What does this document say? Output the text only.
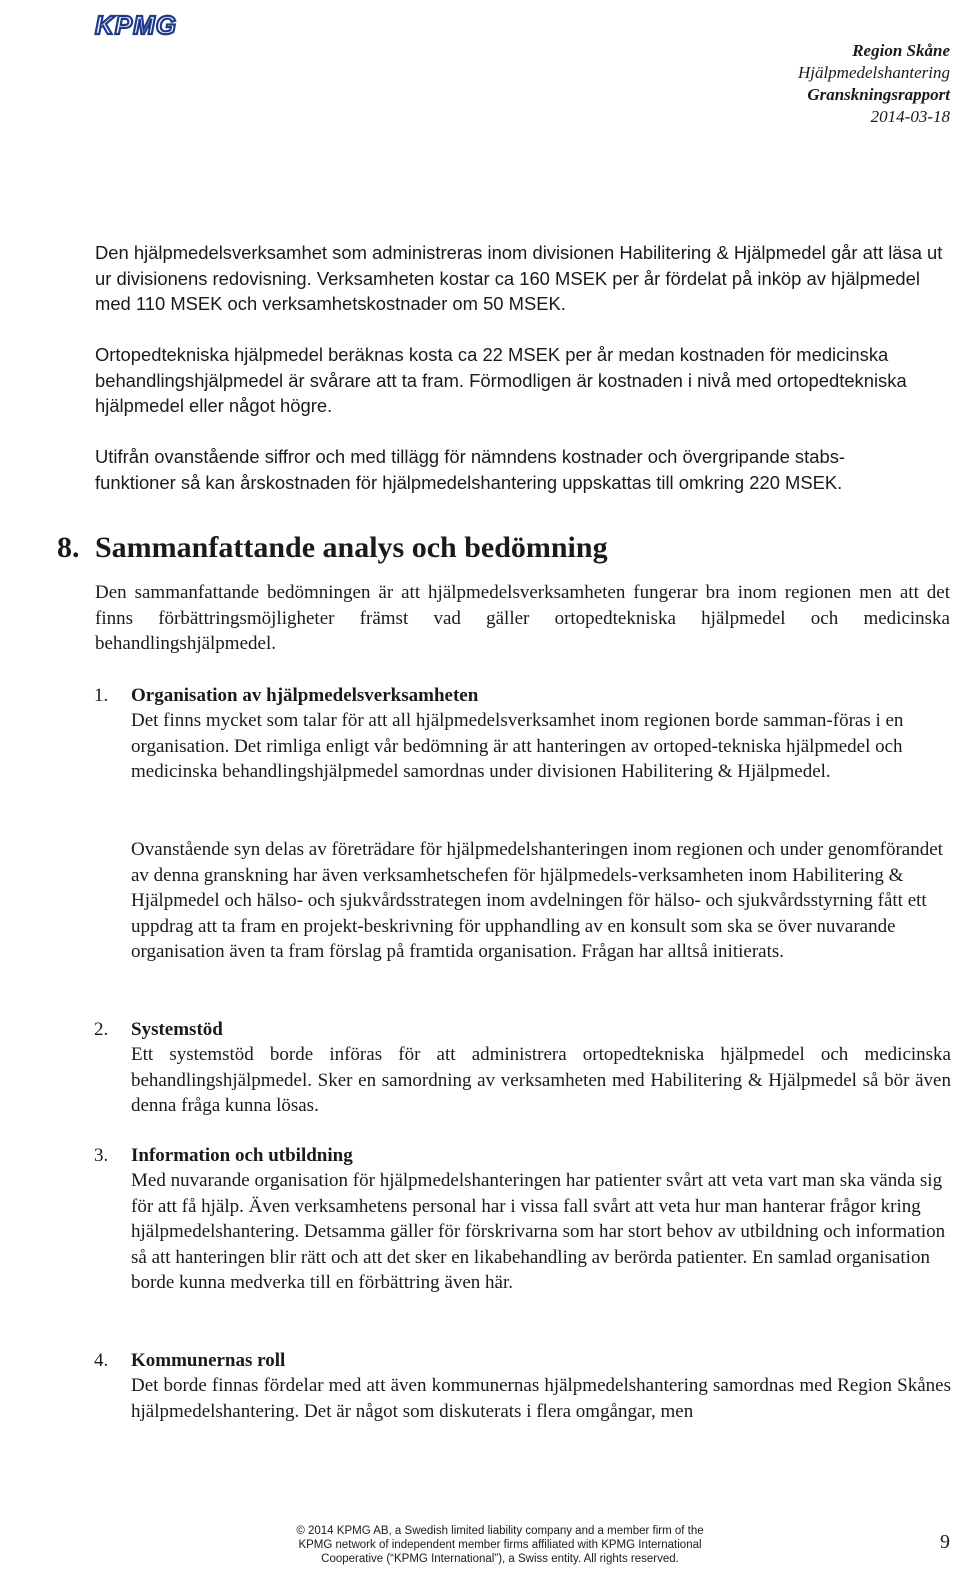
KPMG
Region Skåne
Hjälpmedelshantering
Granskningsrapport
2014-03-18

Den hjälpmedelsverksamhet som administreras inom divisionen Habilitering & Hjälpmedel går att läsa ut ur divisionens redovisning. Verksamheten kostar ca 160 MSEK per år fördelat på inköp av hjälpmedel med 110 MSEK och verksamhetskostnader om 50 MSEK.

Ortopedtekniska hjälpmedel beräknas kosta ca 22 MSEK per år medan kostnaden för medicinska behandlingshjälpmedel är svårare att ta fram. Förmodligen är kostnaden i nivå med ortopedtekniska hjälpmedel eller något högre.

Utifrån ovanstående siffror och med tillägg för nämndens kostnader och övergripande stabs-funktioner så kan årskostnaden för hjälpmedelshantering uppskattas till omkring 220 MSEK.

8. Sammanfattande analys och bedömning

Den sammanfattande bedömningen är att hjälpmedelsverksamheten fungerar bra inom regionen men att det finns förbättringsmöjligheter främst vad gäller ortopedtekniska hjälpmedel och medicinska behandlingshjälpmedel.

1. Organisation av hjälpmedelsverksamheten

Det finns mycket som talar för att all hjälpmedelsverksamhet inom regionen borde samman-föras i en organisation. Det rimliga enligt vår bedömning är att hanteringen av ortoped-tekniska hjälpmedel och medicinska behandlingshjälpmedel samordnas under divisionen Habilitering & Hjälpmedel.

Ovanstående syn delas av företrädare för hjälpmedelshanteringen inom regionen och under genomförandet av denna granskning har även verksamhetschefen för hjälpmedels-verksamheten inom Habilitering & Hjälpmedel och hälso- och sjukvårdsstrategen inom avdelningen för hälso- och sjukvårdsstyrning fått ett uppdrag att ta fram en projekt-beskrivning för upphandling av en konsult som ska se över nuvarande organisation även ta fram förslag på framtida organisation. Frågan har alltså initierats.

2. Systemstöd

Ett systemstöd borde införas för att administrera ortopedtekniska hjälpmedel och medicinska behandlingshjälpmedel. Sker en samordning av verksamheten med Habilitering & Hjälpmedel så bör även denna fråga kunna lösas.

3. Information och utbildning

Med nuvarande organisation för hjälpmedelshanteringen har patienter svårt att veta vart man ska vända sig för att få hjälp. Även verksamhetens personal har i vissa fall svårt att veta hur man hanterar frågor kring hjälpmedelshantering. Detsamma gäller för förskrivarna som har stort behov av utbildning och information så att hanteringen blir rätt och att det sker en likabehandling av berörda patienter. En samlad organisation borde kunna medverka till en förbättring även här.

4. Kommunernas roll

Det borde finnas fördelar med att även kommunernas hjälpmedelshantering samordnas med Region Skånes hjälpmedelshantering. Det är något som diskuterats i flera omgångar, men

© 2014 KPMG AB, a Swedish limited liability company and a member firm of the
KPMG network of independent member firms affiliated with KPMG International
Cooperative (“KPMG International”), a Swiss entity. All rights reserved.
9
